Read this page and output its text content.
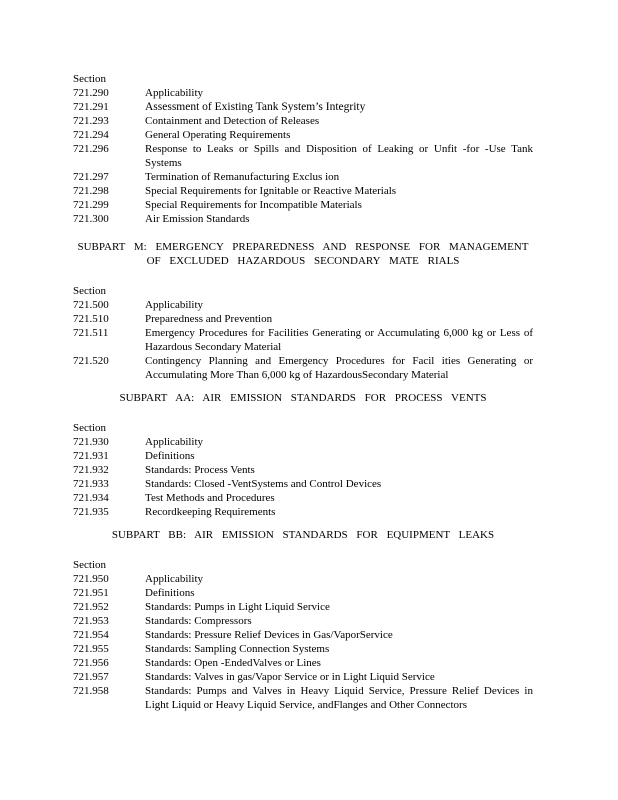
Section
721.290	Applicability
721.291	Assessment of Existing Tank System’s Integrity
721.293	Containment and Detection of Releases
721.294	General Operating Requirements
721.296	Response to Leaks or Spills and Disposition of Leaking or Unfit -for -Use Tank Systems
721.297	Termination of Remanufacturing Exclus ion
721.298	Special Requirements for Ignitable or Reactive Materials
721.299	Special Requirements for Incompatible Materials
721.300	Air Emission Standards
SUBPART M: EMERGENCY PREPAREDNESS AND RESPONSE FOR MANAGEMENT OF EXCLUDED HAZARDOUS SECONDARY MATE RIALS
Section
721.500	Applicability
721.510	Preparedness and Prevention
721.511	Emergency Procedures for Facilities Generating or Accumulating 6,000 kg or Less of Hazardous Secondary Material
721.520	Contingency Planning and Emergency Procedures for Facil ities Generating or Accumulating More Than 6,000 kg of HazardousSecondary Material
SUBPART AA: AIR EMISSION STANDARDS FOR PROCESS VENTS
Section
721.930	Applicability
721.931	Definitions
721.932	Standards: Process Vents
721.933	Standards: Closed -VentSystems and Control Devices
721.934	Test Methods and Procedures
721.935	Recordkeeping Requirements
SUBPART BB: AIR EMISSION STANDARDS FOR EQUIPMENT LEAKS
Section
721.950	Applicability
721.951	Definitions
721.952	Standards: Pumps in Light Liquid Service
721.953	Standards: Compressors
721.954	Standards: Pressure Relief Devices in Gas/VaporService
721.955	Standards: Sampling Connection Systems
721.956	Standards: Open -EndedValves or Lines
721.957	Standards: Valves in gas/Vapor Service or in Light Liquid Service
721.958	Standards: Pumps and Valves in Heavy Liquid Service, Pressure Relief Devices in Light Liquid or Heavy Liquid Service, andFlanges and Other Connectors
